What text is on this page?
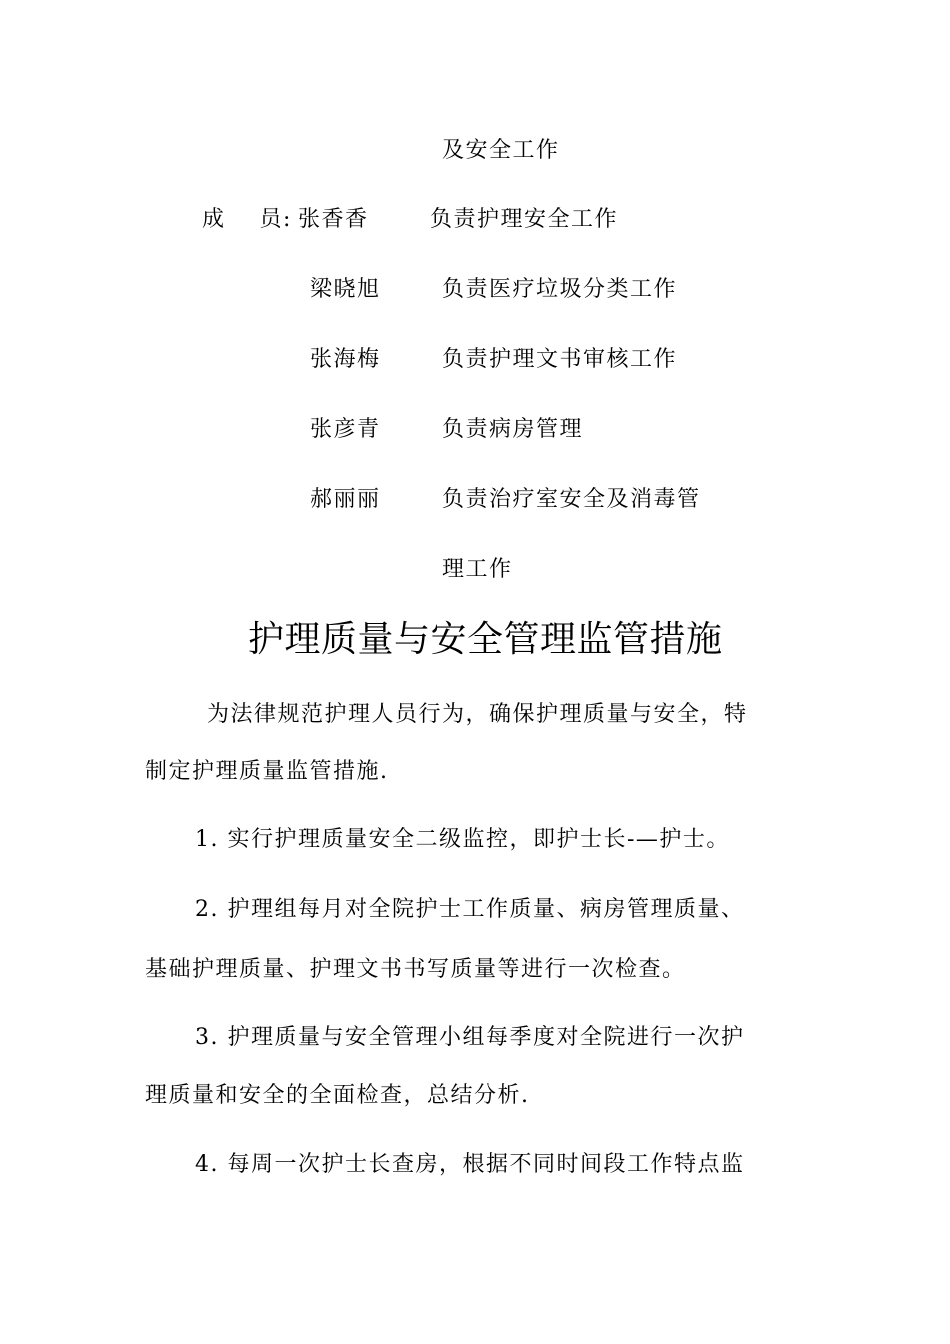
及安全工作
成    员: 张香香	负责护理安全工作
梁晓旭	负责医疗垃圾分类工作
张海梅	负责护理文书审核工作
张彦青	负责病房管理
郝丽丽	负责治疗室安全及消毒管
理工作
护理质量与安全管理监管措施
为法律规范护理人员行为，确保护理质量与安全，特
制定护理质量监管措施.
1. 实行护理质量安全二级监控，即护士长-—护士。
2. 护理组每月对全院护士工作质量、病房管理质量、
基础护理质量、护理文书书写质量等进行一次检查。
3. 护理质量与安全管理小组每季度对全院进行一次护
理质量和安全的全面检查，总结分析.
4. 每周一次护士长查房，根据不同时间段工作特点监
